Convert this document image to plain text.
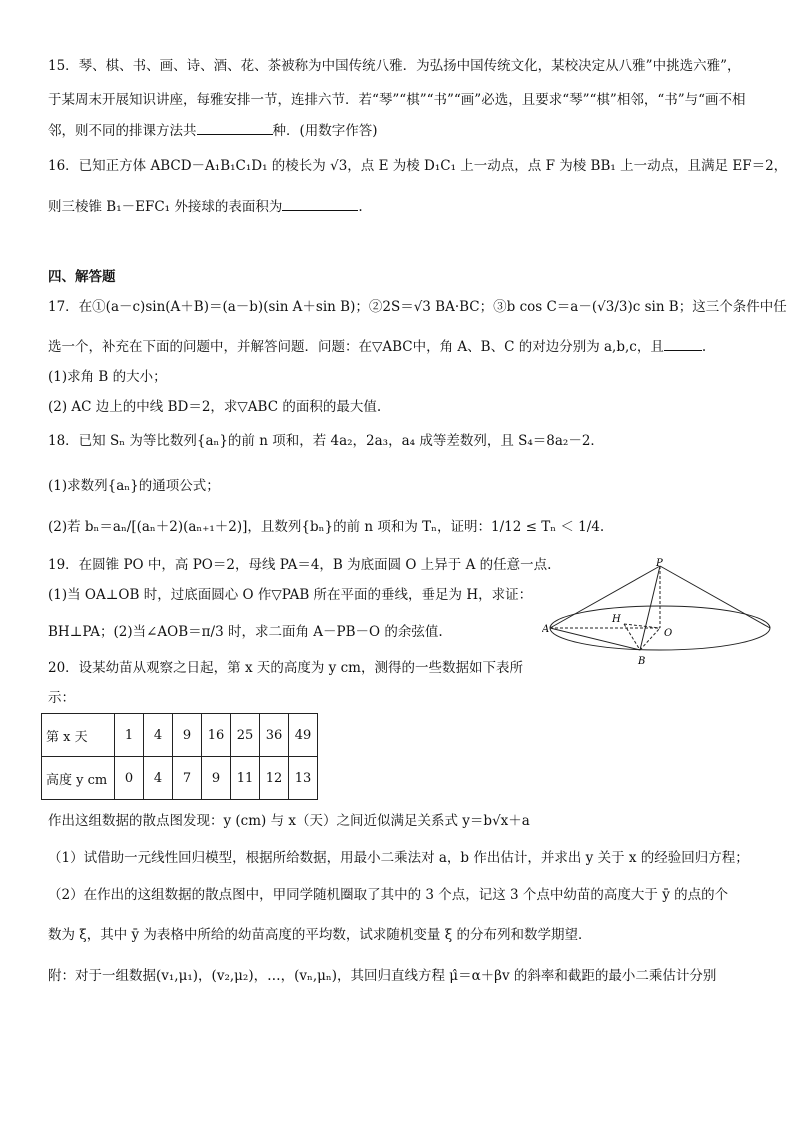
15．琴、棋、书、画、诗、酒、花、茶被称为中国传统八雅．为弘扬中国传统文化，某校决定从八雅”中挑选六雅”，
于某周末开展知识讲座，每雅安排一节，连排六节．若“琴”“棋”“书”“画”必选，且要求“琴”“棋”相邻，“书”与“画不相
邻，则不同的排课方法共	种．(用数字作答)
16．已知正方体 ABCD－A₁B₁C₁D₁ 的棱长为 √3，点 E 为棱 D₁C₁ 上一动点，点 F 为棱 BB₁ 上一动点，且满足 EF＝2，
则三棱锥 B₁－EFC₁ 外接球的表面积为	.
四、解答题
17．在①(a－c)sin(A＋B)＝(a－b)(sin A＋sin B)；②2S＝√3 BA·BC；③b cos C＝a－(√3/3)c sin B；这三个条件中任
选一个，补充在下面的问题中，并解答问题．问题：在▽ABC中，角 A、B、C 的对边分别为 a,b,c，且	.
(1)求角 B 的大小；
(2) AC 边上的中线 BD＝2，求▽ABC 的面积的最大值.
18．已知 Sₙ 为等比数列{aₙ}的前 n 项和，若 4a₂，2a₃，a₄ 成等差数列，且 S₄＝8a₂－2．
(1)求数列{aₙ}的通项公式；
(2)若 bₙ＝aₙ/[(aₙ＋2)(aₙ₊₁＋2)]，且数列{bₙ}的前 n 项和为 Tₙ，证明：1/12 ≤ Tₙ ＜ 1/4.
19．在圆锥 PO 中，高 PO＝2，母线 PA＝4，B 为底面圆 O 上异于 A 的任意一点.
(1)当 OA⊥OB 时，过底面圆心 O 作▽PAB 所在平面的垂线，垂足为 H，求证：
BH⊥PA；(2)当∠AOB＝π/3 时，求二面角 A－PB－O 的余弦值.
P
A
B
H
O
20．设某幼苗从观察之日起，第 x 天的高度为 y cm，测得的一些数据如下表所
示：
第 x 天	1	4	9	16	25	36	49
高度 y cm	0	4	7	9	11	12	13
作出这组数据的散点图发现：y (cm) 与 x（天）之间近似满足关系式 y＝b√x＋a
（1）试借助一元线性回归模型，根据所给数据，用最小二乘法对 a，b 作出估计，并求出 y 关于 x 的经验回归方程；
（2）在作出的这组数据的散点图中，甲同学随机圈取了其中的 3 个点，记这 3 个点中幼苗的高度大于 ȳ 的点的个
数为 ξ，其中 ȳ 为表格中所给的幼苗高度的平均数，试求随机变量 ξ 的分布列和数学期望．
附：对于一组数据(v₁,μ₁)，(v₂,μ₂)，…，(vₙ,μₙ)，其回归直线方程 μ̂＝α＋βv 的斜率和截距的最小二乘估计分别
